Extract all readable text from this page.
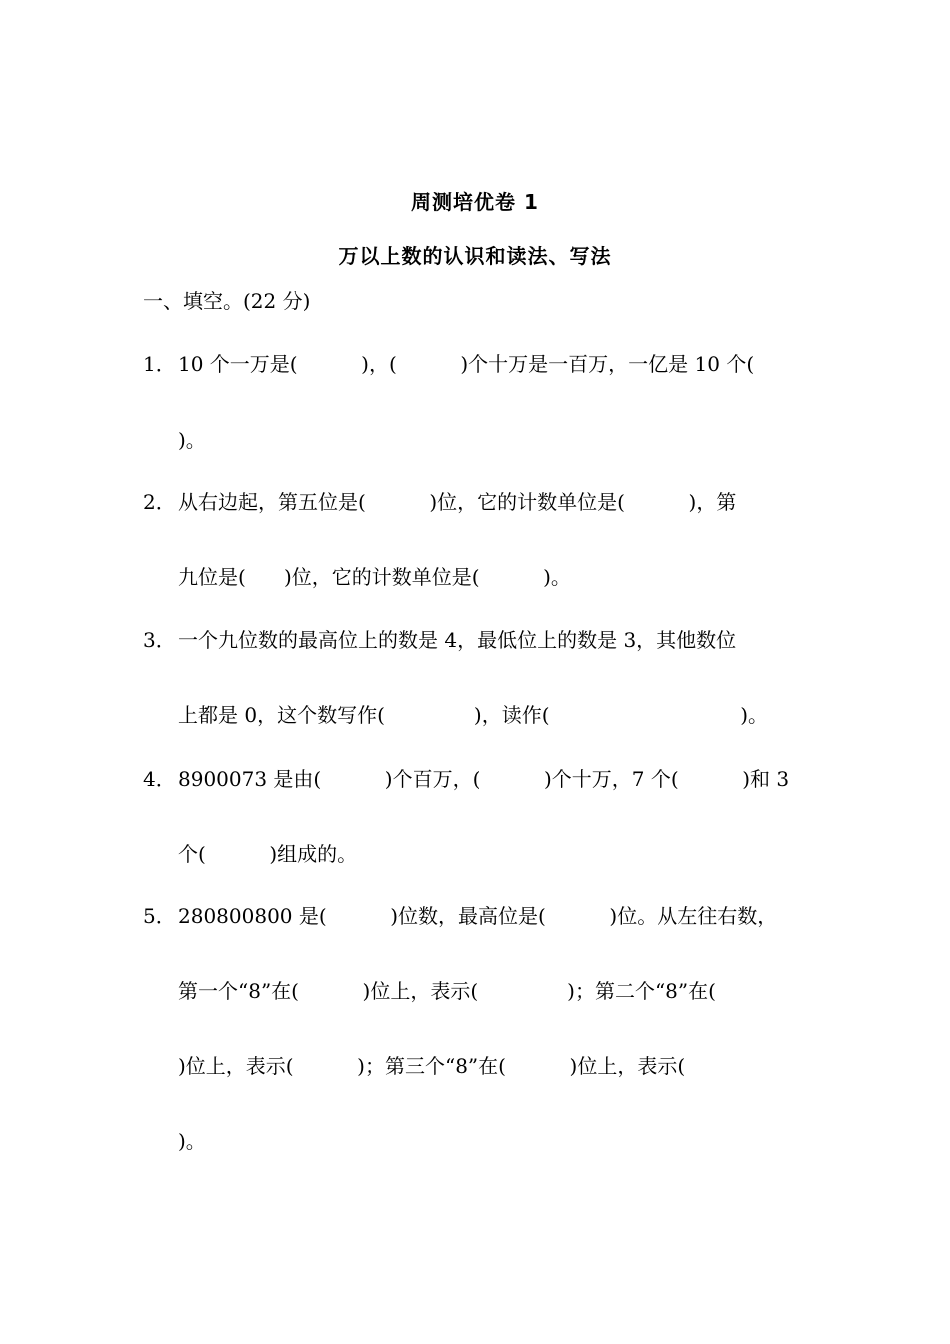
周测培优卷 1
万以上数的认识和读法、写法
一、填空。(22 分)
1． 10 个一万是(          )，(          )个十万是一百万，一亿是 10 个(
)。
2． 从右边起，第五位是(          )位，它的计数单位是(          )，第
九位是(      )位，它的计数单位是(          )。
3． 一个九位数的最高位上的数是 4，最低位上的数是 3，其他数位
上都是 0，这个数写作(              )，读作(                              )。
4． 8900073 是由(          )个百万，(          )个十万，7 个(          )和 3
个(          )组成的。
5． 280800800 是(          )位数，最高位是(          )位。从左往右数，
第一个“8”在(          )位上，表示(              )；第二个“8”在(
)位上，表示(          )；第三个“8”在(          )位上，表示(
)。
